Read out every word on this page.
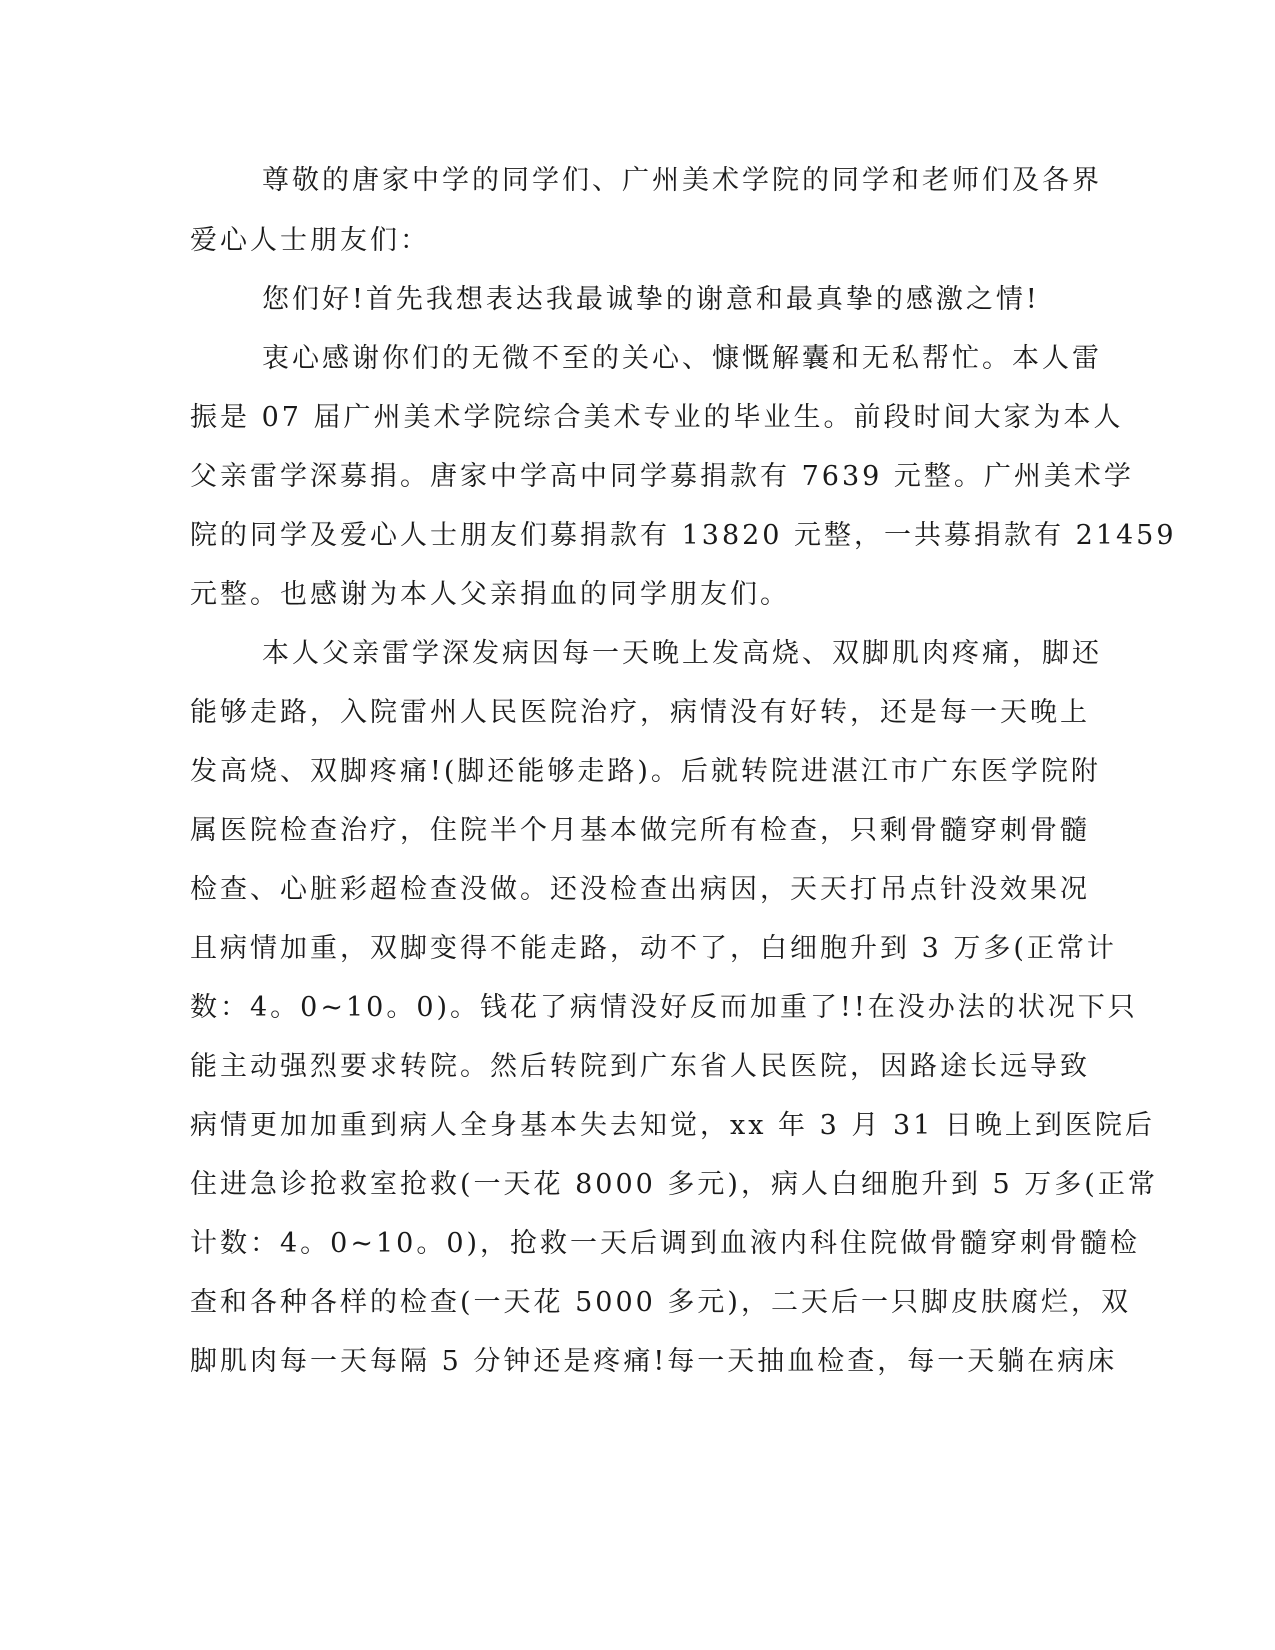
尊敬的唐家中学的同学们、广州美术学院的同学和老师们及各界
爱心人士朋友们：
您们好!首先我想表达我最诚挚的谢意和最真挚的感激之情!
衷心感谢你们的无微不至的关心、慷慨解囊和无私帮忙。本人雷
振是 07 届广州美术学院综合美术专业的毕业生。前段时间大家为本人
父亲雷学深募捐。唐家中学高中同学募捐款有 7639 元整。广州美术学
院的同学及爱心人士朋友们募捐款有 13820 元整，一共募捐款有 21459
元整。也感谢为本人父亲捐血的同学朋友们。
本人父亲雷学深发病因每一天晚上发高烧、双脚肌肉疼痛，脚还
能够走路，入院雷州人民医院治疗，病情没有好转，还是每一天晚上
发高烧、双脚疼痛!(脚还能够走路)。后就转院进湛江市广东医学院附
属医院检查治疗，住院半个月基本做完所有检查，只剩骨髓穿刺骨髓
检查、心脏彩超检查没做。还没检查出病因，天天打吊点针没效果况
且病情加重，双脚变得不能走路，动不了，白细胞升到 3 万多(正常计
数：4。0~10。0)。钱花了病情没好反而加重了!!在没办法的状况下只
能主动强烈要求转院。然后转院到广东省人民医院，因路途长远导致
病情更加加重到病人全身基本失去知觉，xx 年 3 月 31 日晚上到医院后
住进急诊抢救室抢救(一天花 8000 多元)，病人白细胞升到 5 万多(正常
计数：4。0~10。0)，抢救一天后调到血液内科住院做骨髓穿刺骨髓检
查和各种各样的检查(一天花 5000 多元)，二天后一只脚皮肤腐烂，双
脚肌肉每一天每隔 5 分钟还是疼痛!每一天抽血检查，每一天躺在病床
